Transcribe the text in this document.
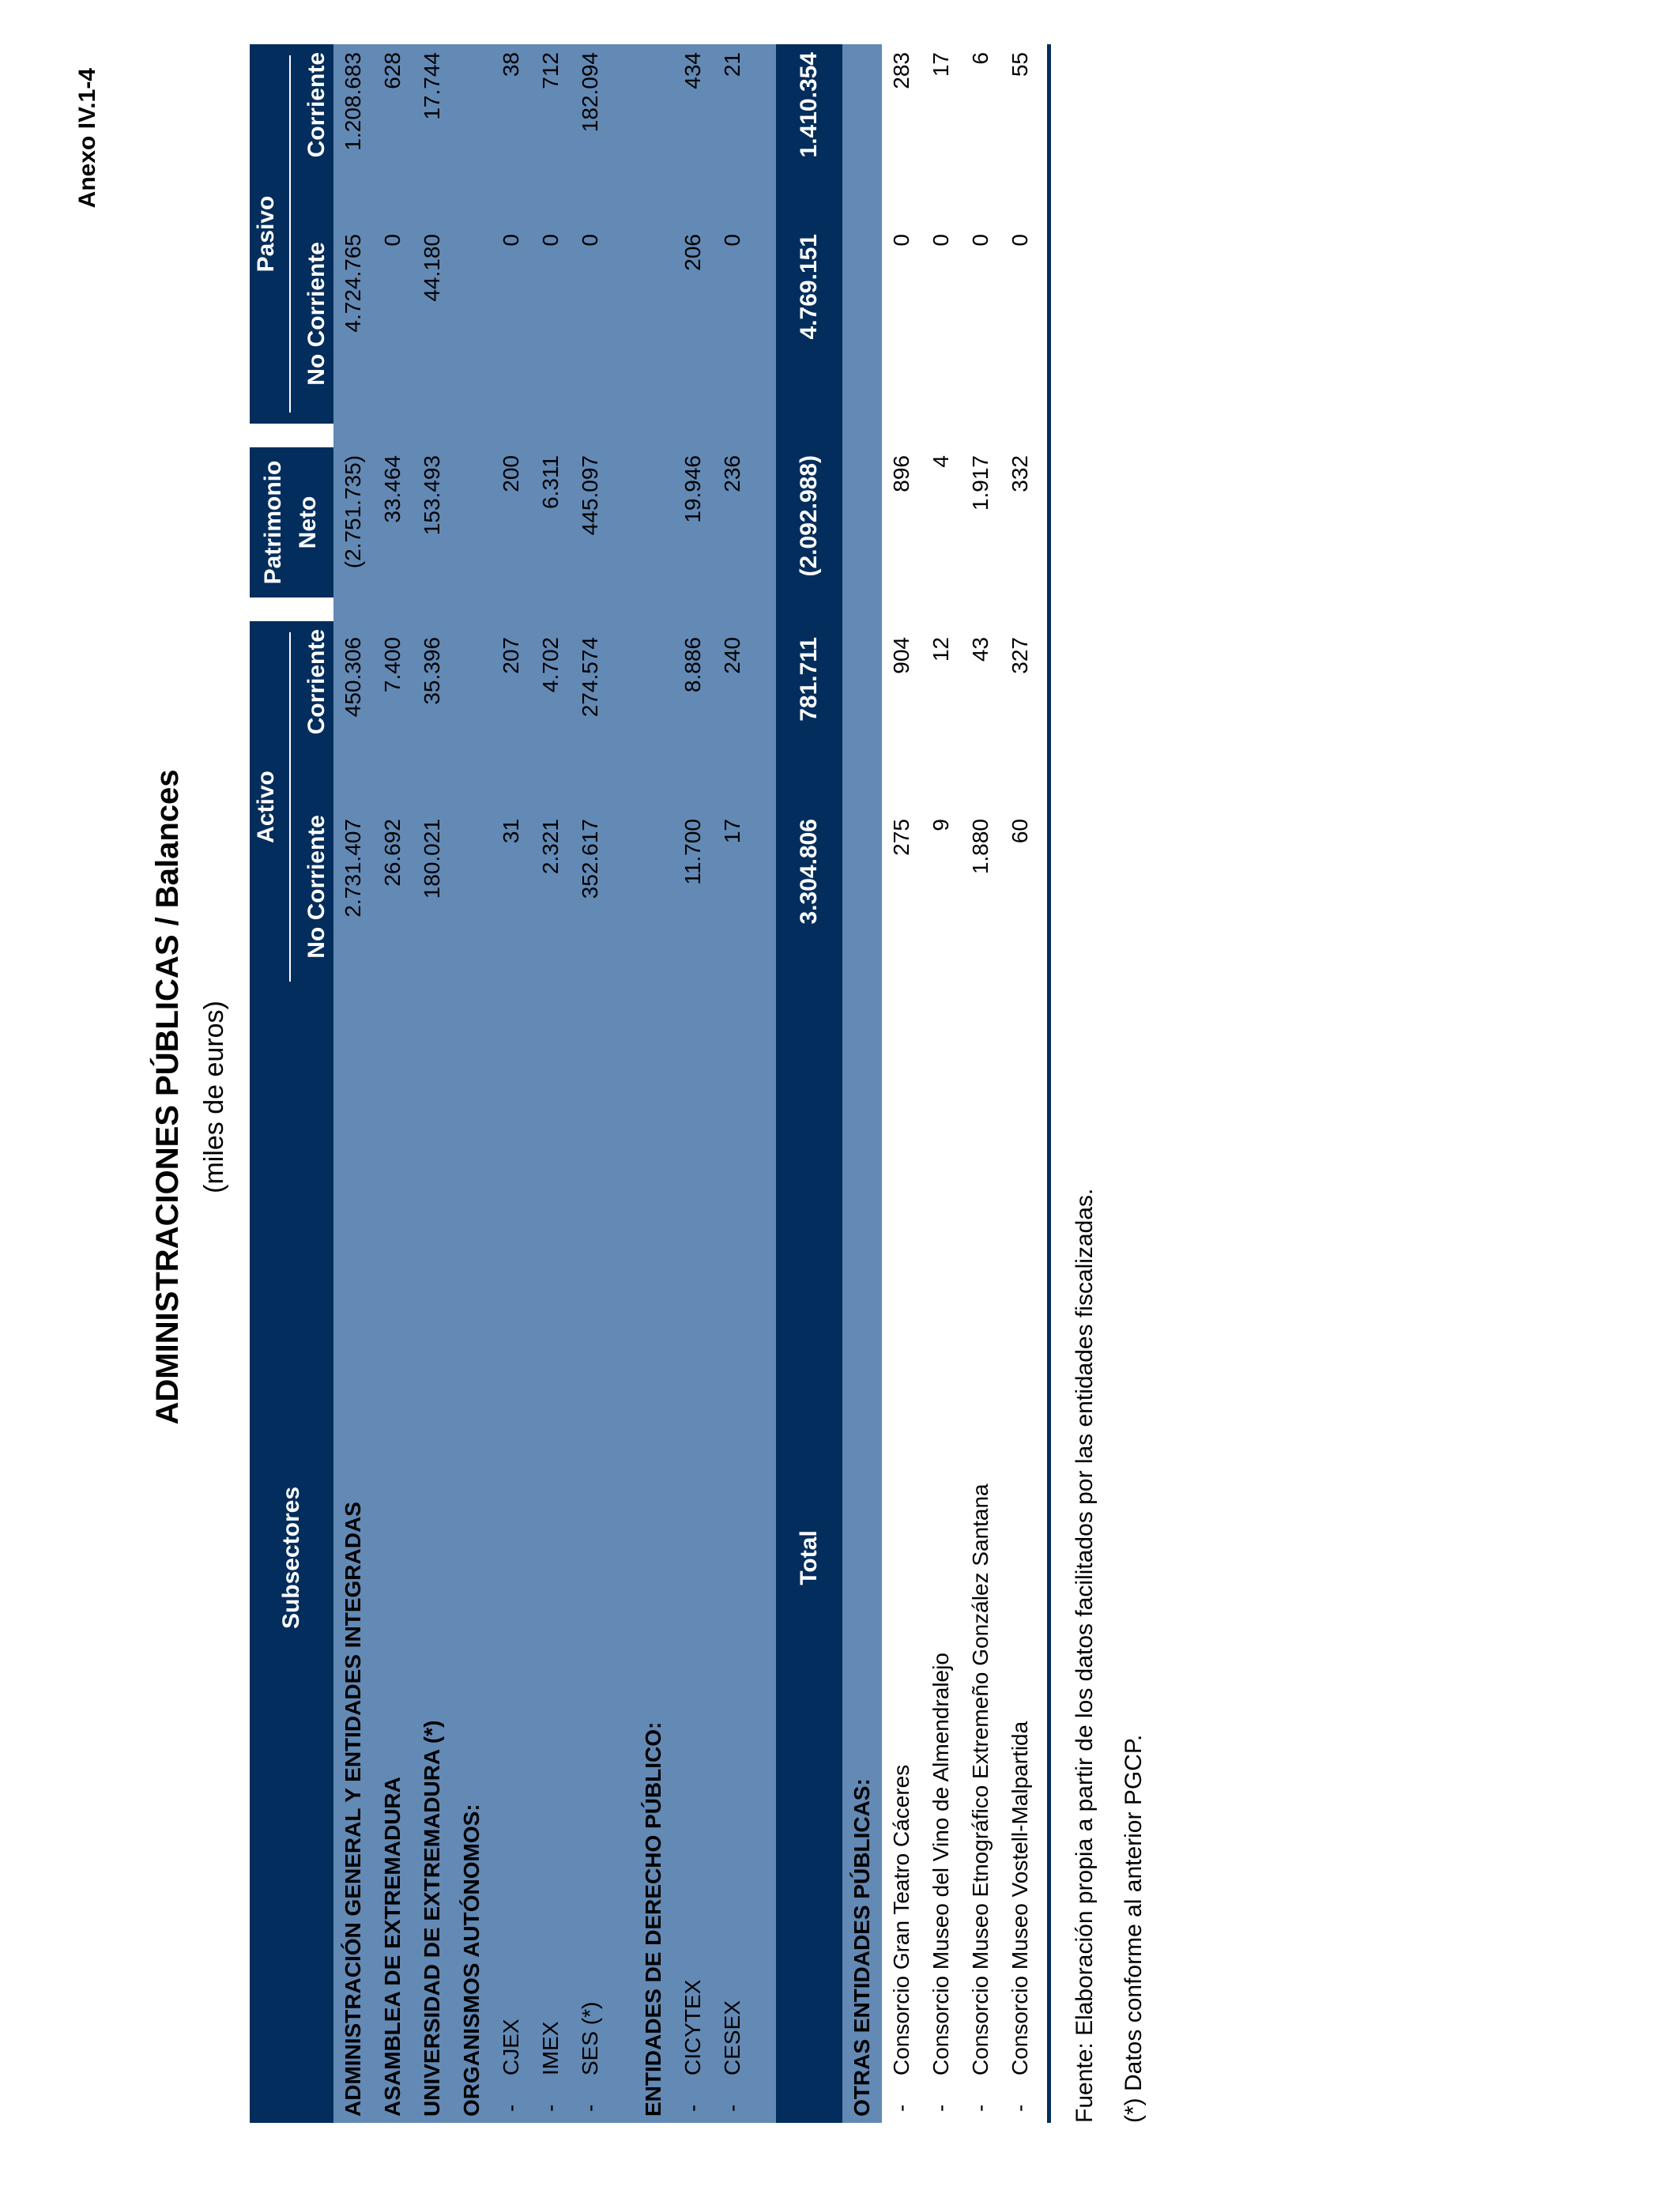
Anexo IV.1-4
ADMINISTRACIONES PÚBLICAS / Balances (miles de euros)
Subsectores
Activo
No Corriente
Corriente
Patrimonio Neto
Pasivo
No Corriente
Corriente
ADMINISTRACIÓN GENERAL Y ENTIDADES INTEGRADAS
2.731.407
450.306
(2.751.735)
4.724.765
1.208.683
ASAMBLEA DE EXTREMADURA
26.692
7.400
33.464
0
628
UNIVERSIDAD DE EXTREMADURA (*)
180.021
35.396
153.493
44.180
17.744
ORGANISMOS AUTÓNOMOS: -CJEX
31
207
200
0
38
-IMEX
2.321
4.702
6.311
0
712
-SES (*)
352.617
274.574
445.097
0
182.094
ENTIDADES DE DERECHO PÚBLICO: -CICYTEX
11.700
8.886
19.946
206
434
-CESEX
17
240
236
0
21
Total
3.304.806
781.711
(2.092.988)
4.769.151
1.410.354
OTRAS ENTIDADES PÚBLICAS: -Consorcio Gran Teatro Cáceres
275
904
896
0
283
-Consorcio Museo del Vino de Almendralejo
9
12
4
0
17
-Consorcio Museo Etnográfico Extremeño González Santana
1.880
43
1.917
0
6
-Consorcio Museo Vostell-Malpartida
60
327
332
0
55
Fuente: Elaboración propia a partir de los datos facilitados por las entidades fiscalizadas. (*) Datos conforme al anterior PGCP.
